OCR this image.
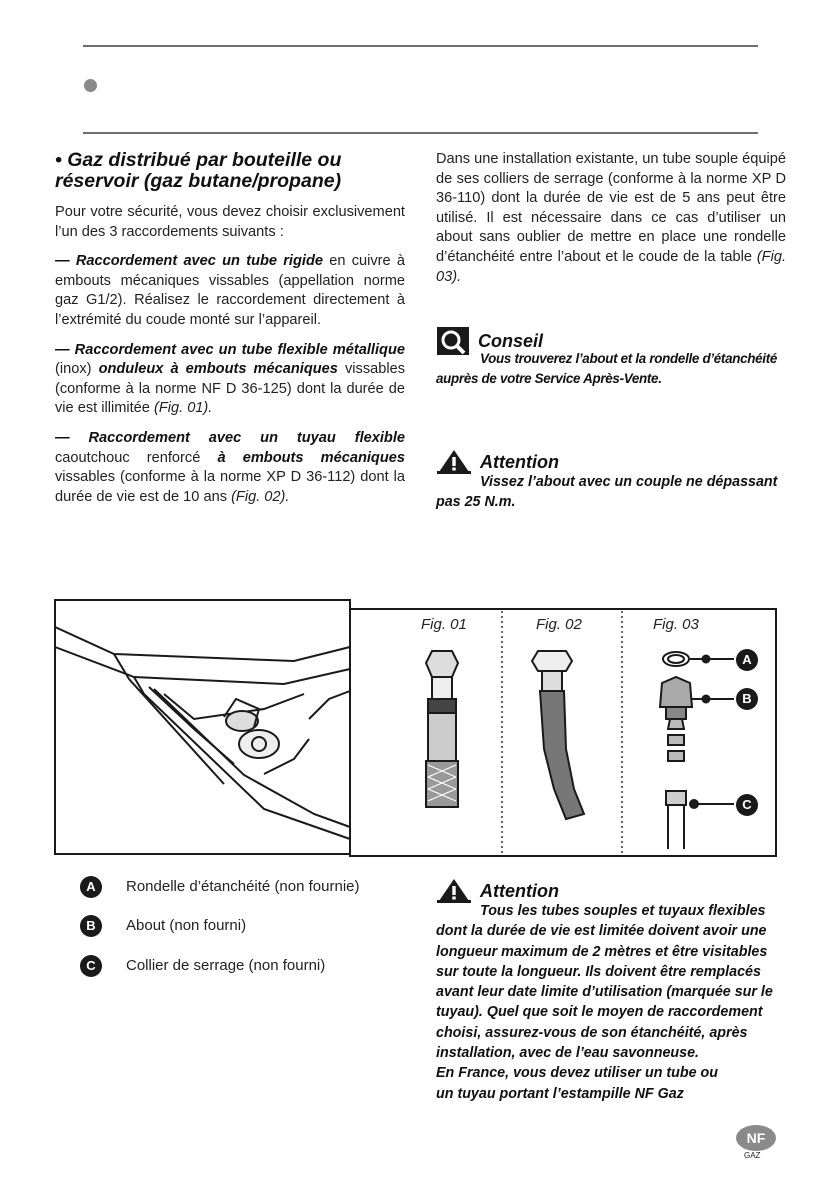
• Gaz distribué par bouteille ou réservoir (gaz butane/propane)

Pour votre sécurité, vous devez choisir exclusivement l’un des 3 raccordements suivants :

— Raccordement avec un tube rigide en cuivre à embouts mécaniques vissables (appellation norme gaz G1/2). Réalisez le raccordement directement à l’extrémité du coude monté sur l’appareil.

— Raccordement avec un tube flexible métallique (inox) onduleux à embouts mécaniques vissables (conforme à la norme NF D 36-125) dont la durée de vie est illimitée (Fig. 01).

— Raccordement avec un tuyau flexible caoutchouc renforcé à embouts mécaniques vissables (conforme à la norme XP D 36-112) dont la durée de vie est de 10 ans (Fig. 02).

Dans une installation existante, un tube souple équipé de ses colliers de serrage (conforme à la norme XP D 36-110) dont la durée de vie est de 5 ans peut être utilisé. Il est nécessaire dans ce cas d’utiliser un about sans oublier de mettre en place une rondelle d’étanchéité entre l’about et le coude de la table (Fig. 03).

Conseil
Vous trouverez l’about et la rondelle d’étanchéité auprès de votre Service Après-Vente.
Attention
Vissez l’about avec un couple ne dépassant pas 25 N.m.
Fig. 01	Fig. 02	Fig. 03
A
B
C
A	Rondelle d’étanchéité (non fournie)
B	About (non fourni)
C	Collier de serrage (non fourni)
Attention
Tous les tubes souples et tuyaux flexibles dont la durée de vie est limitée doivent avoir une longueur maximum de 2 mètres et être visitables sur toute la longueur. Ils doivent être remplacés avant leur date limite d’utilisation (marquée sur le tuyau). Quel que soit le moyen de raccordement choisi, assurez-vous de son étanchéité, après installation, avec de l’eau savonneuse.
En France, vous devez utiliser un tube ou un tuyau portant l’estampille NF Gaz
NF
GAZ
